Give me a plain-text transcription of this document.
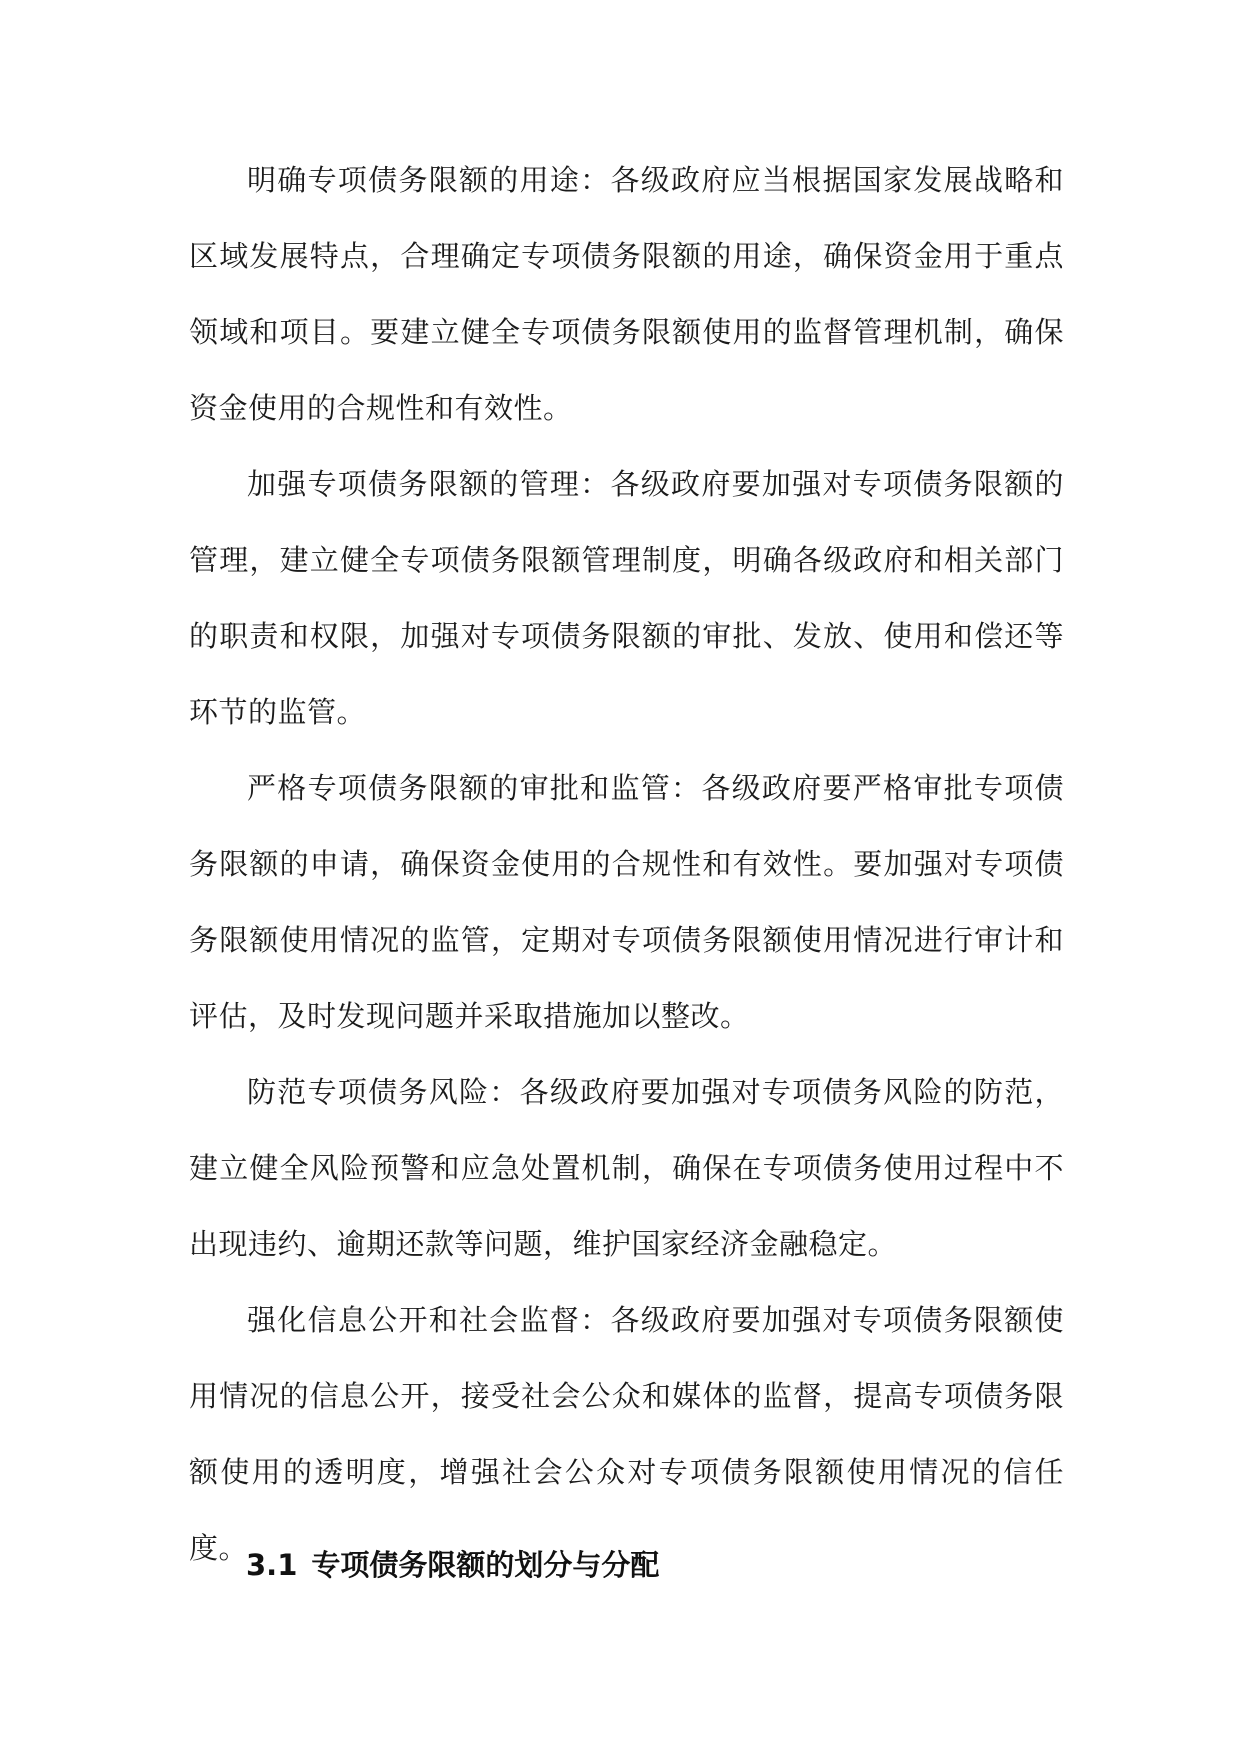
明确专项债务限额的用途：各级政府应当根据国家发展战略和区域发展特点，合理确定专项债务限额的用途，确保资金用于重点领域和项目。要建立健全专项债务限额使用的监督管理机制，确保资金使用的合规性和有效性。

加强专项债务限额的管理：各级政府要加强对专项债务限额的管理，建立健全专项债务限额管理制度，明确各级政府和相关部门的职责和权限，加强对专项债务限额的审批、发放、使用和偿还等环节的监管。

严格专项债务限额的审批和监管：各级政府要严格审批专项债务限额的申请，确保资金使用的合规性和有效性。要加强对专项债务限额使用情况的监管，定期对专项债务限额使用情况进行审计和评估，及时发现问题并采取措施加以整改。

防范专项债务风险：各级政府要加强对专项债务风险的防范，建立健全风险预警和应急处置机制，确保在专项债务使用过程中不出现违约、逾期还款等问题，维护国家经济金融稳定。

强化信息公开和社会监督：各级政府要加强对专项债务限额使用情况的信息公开，接受社会公众和媒体的监督，提高专项债务限额使用的透明度，增强社会公众对专项债务限额使用情况的信任度。

3.1 专项债务限额的划分与分配
